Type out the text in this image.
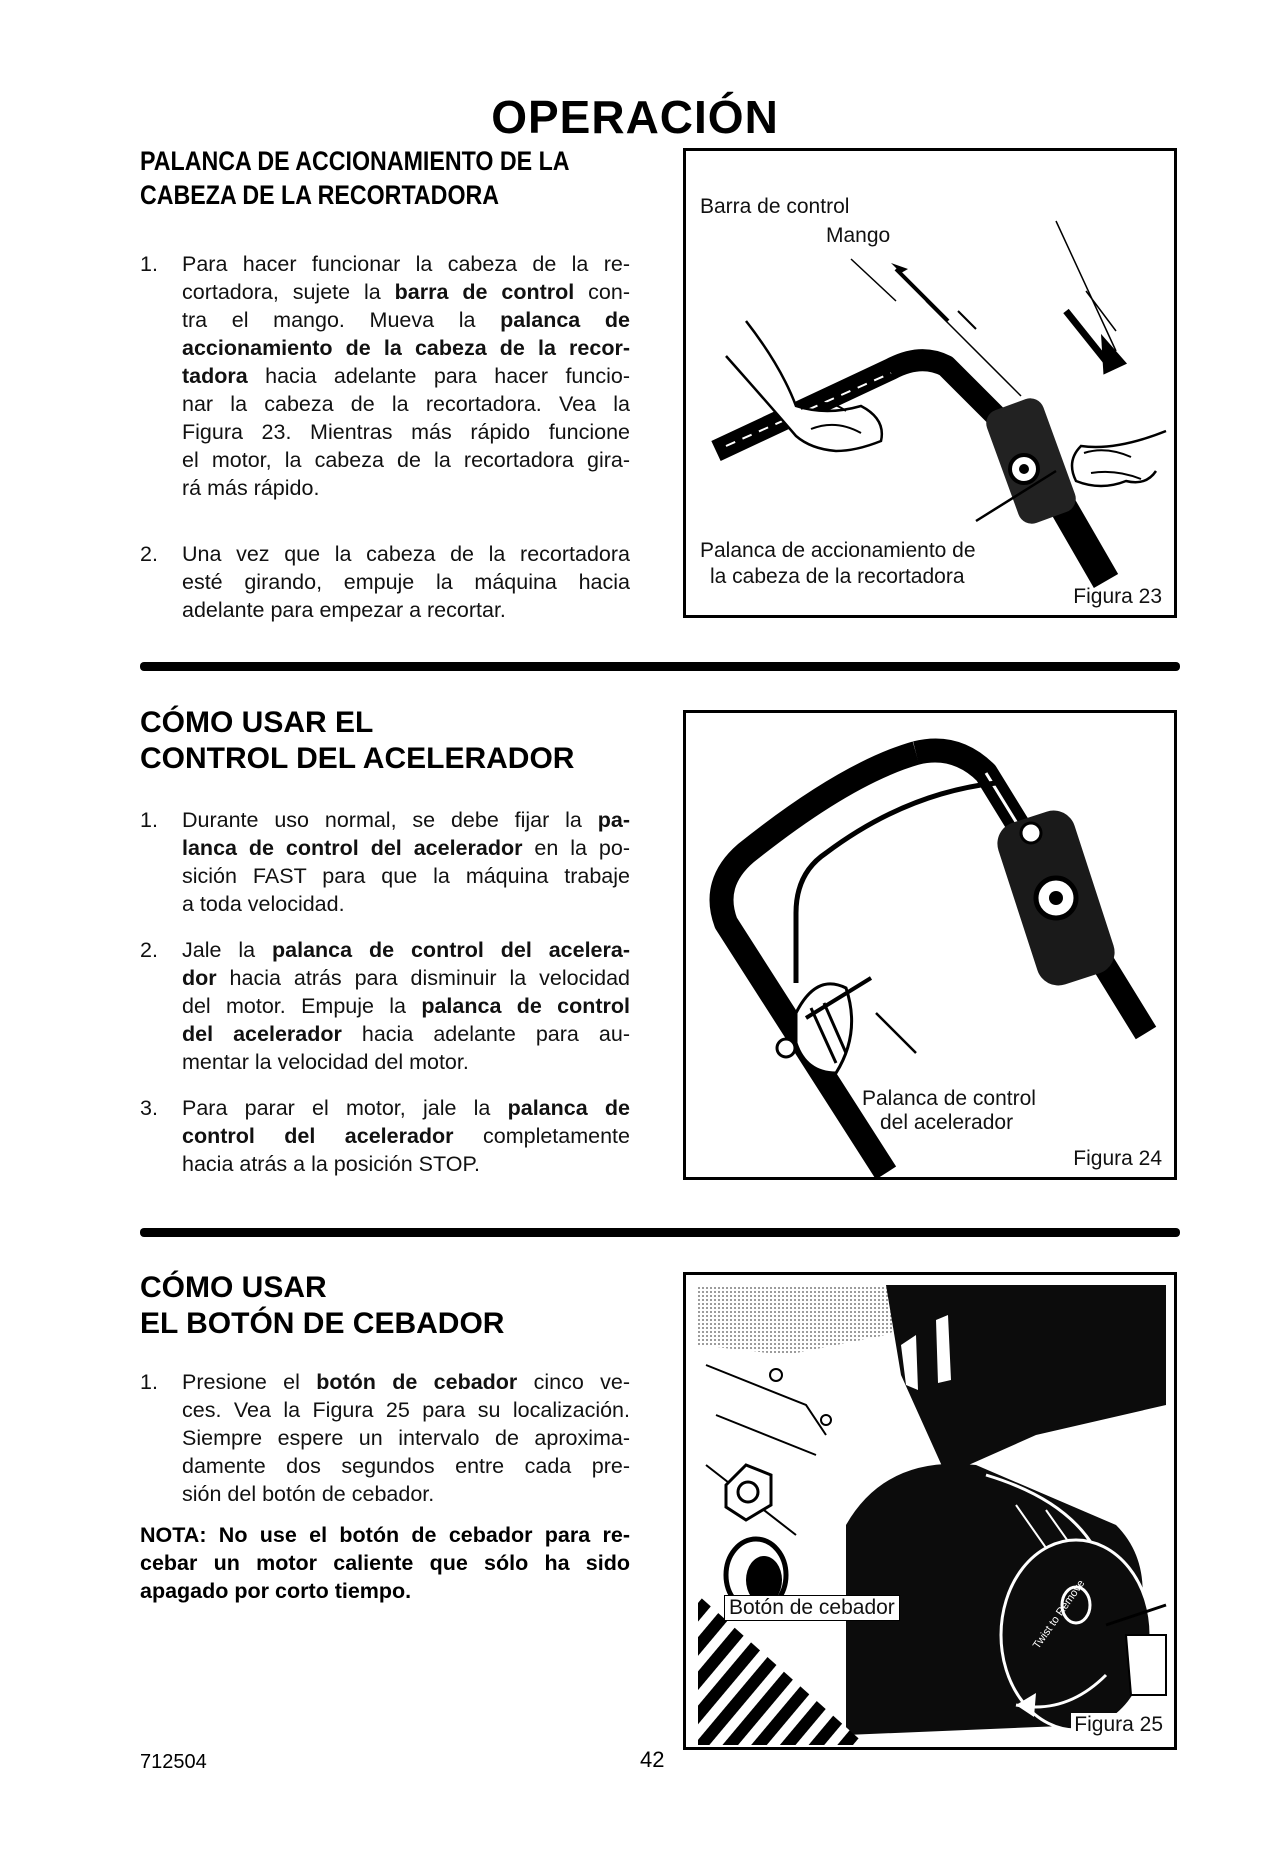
OPERACIÓN
PALANCA DE ACCIONAMIENTO DE LA
CABEZA DE LA RECORTADORA
1. Para hacer funcionar la cabeza de la re-
cortadora, sujete la barra de control con-
tra el mango. Mueva la palanca de
accionamiento de la cabeza de la recor-
tadora hacia adelante para hacer funcio-
nar la cabeza de la recortadora. Vea la
Figura 23. Mientras más rápido funcione
el motor, la cabeza de la recortadora gira-
rá más rápido.
2. Una vez que la cabeza de la recortadora
esté girando, empuje la máquina hacia
adelante para empezar a recortar.
Barra de control
Mango
Palanca de accionamiento de
la cabeza de la recortadora
Figura 23
CÓMO USAR EL
CONTROL DEL ACELERADOR
1. Durante uso normal, se debe fijar la pa-
lanca de control del acelerador en la po-
sición FAST para que la máquina trabaje
a toda velocidad.
2. Jale la palanca de control del acelera-
dor hacia atrás para disminuir la velocidad
del motor. Empuje la palanca de control
del acelerador hacia adelante para au-
mentar la velocidad del motor.
3. Para parar el motor, jale la palanca de
control del acelerador completamente
hacia atrás a la posición STOP.
Palanca de control
del acelerador
Figura 24
CÓMO USAR
EL BOTÓN DE CEBADOR
1. Presione el botón de cebador cinco ve-
ces. Vea la Figura 25 para su localización.
Siempre espere un intervalo de aproxima-
damente dos segundos entre cada pre-
sión del botón de cebador.
NOTA: No use el botón de cebador para re-
cebar un motor caliente que sólo ha sido
apagado por corto tiempo.
Botón de cebador	Twist to Remove
Figura 25
712504	42
